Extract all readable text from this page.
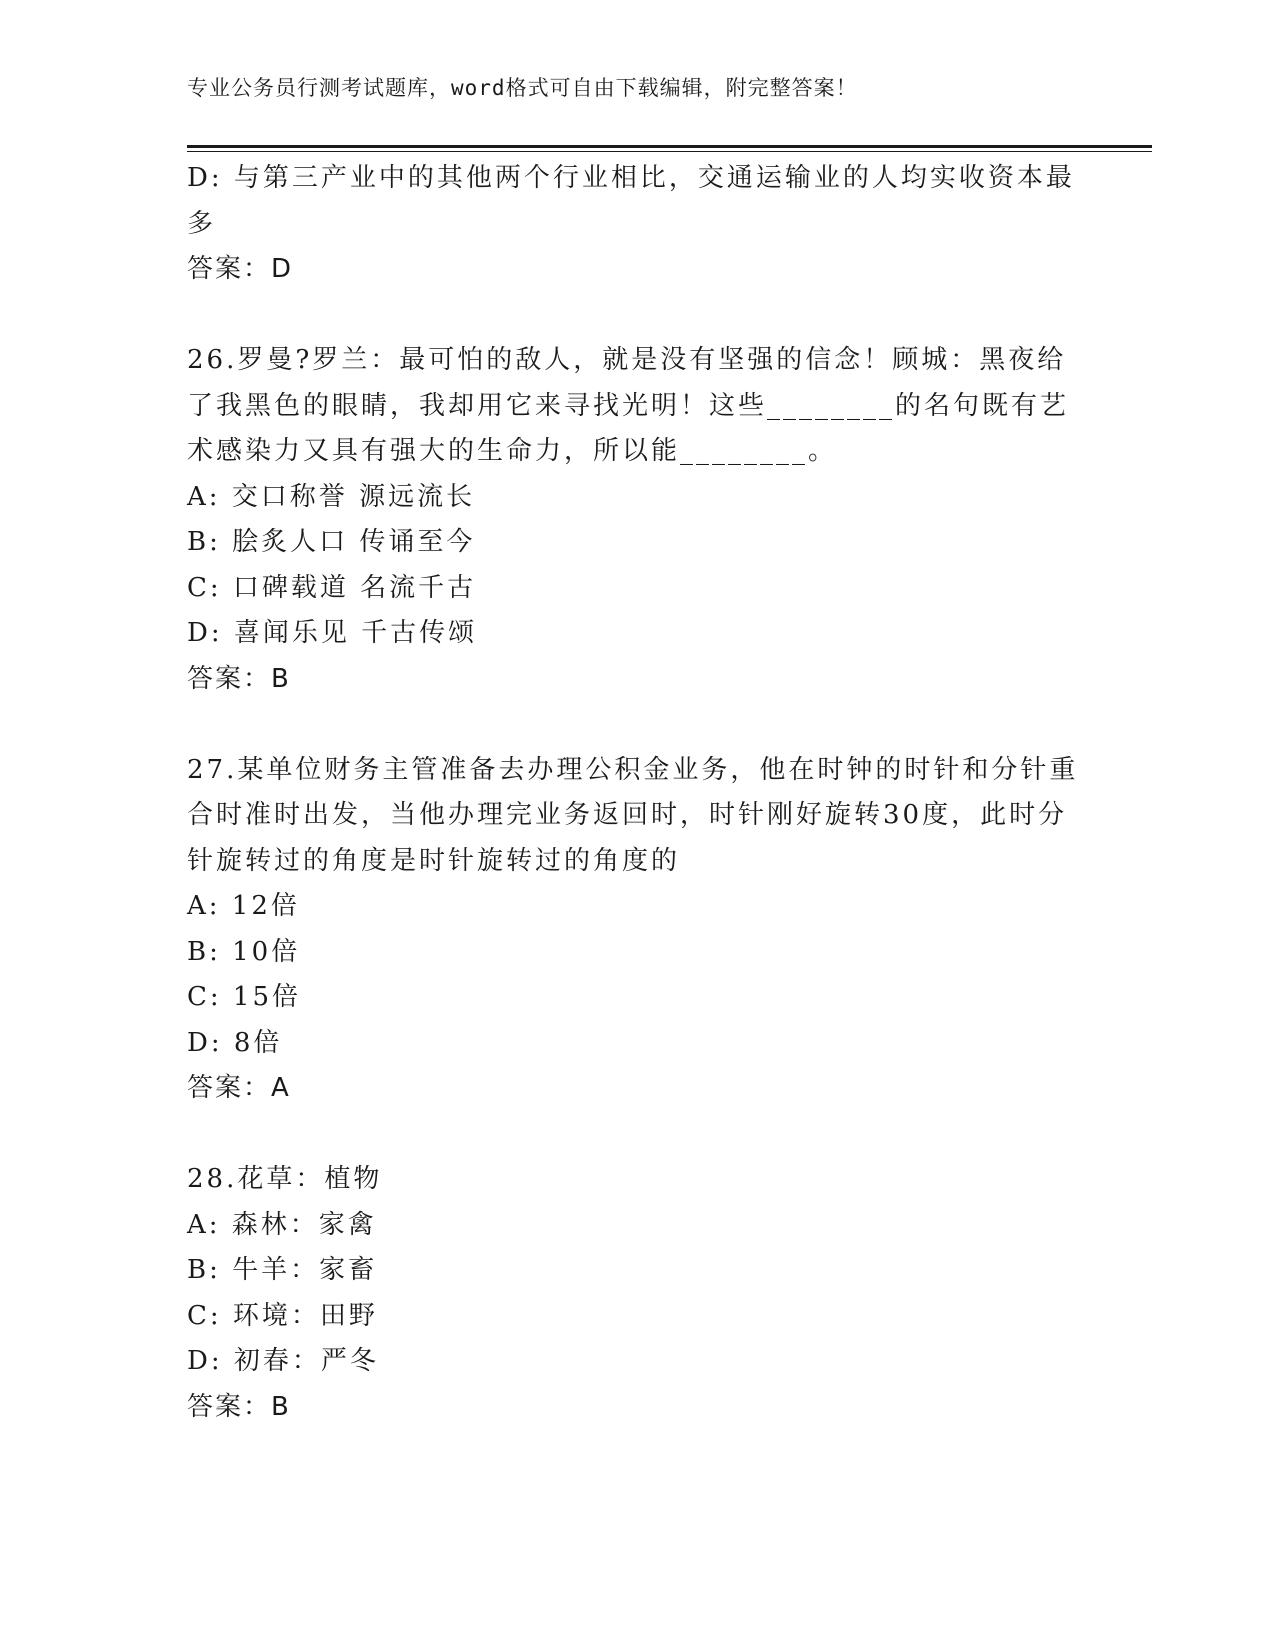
专业公务员行测考试题库，word格式可自由下载编辑，附完整答案！
D: 与第三产业中的其他两个行业相比，交通运输业的人均实收资本最
多
答案：D
26.罗曼?罗兰：最可怕的敌人，就是没有坚强的信念！顾城：黑夜给
了我黑色的眼睛，我却用它来寻找光明！这些________的名句既有艺
术感染力又具有强大的生命力，所以能________。
A: 交口称誉 源远流长
B: 脍炙人口 传诵至今
C: 口碑载道 名流千古
D: 喜闻乐见 千古传颂
答案：B
27.某单位财务主管准备去办理公积金业务，他在时钟的时针和分针重
合时准时出发，当他办理完业务返回时，时针刚好旋转30度，此时分
针旋转过的角度是时针旋转过的角度的
A: 12倍
B: 10倍
C: 15倍
D: 8倍
答案：A
28.花草：植物
A: 森林：家禽
B: 牛羊：家畜
C: 环境：田野
D: 初春：严冬
答案：B
